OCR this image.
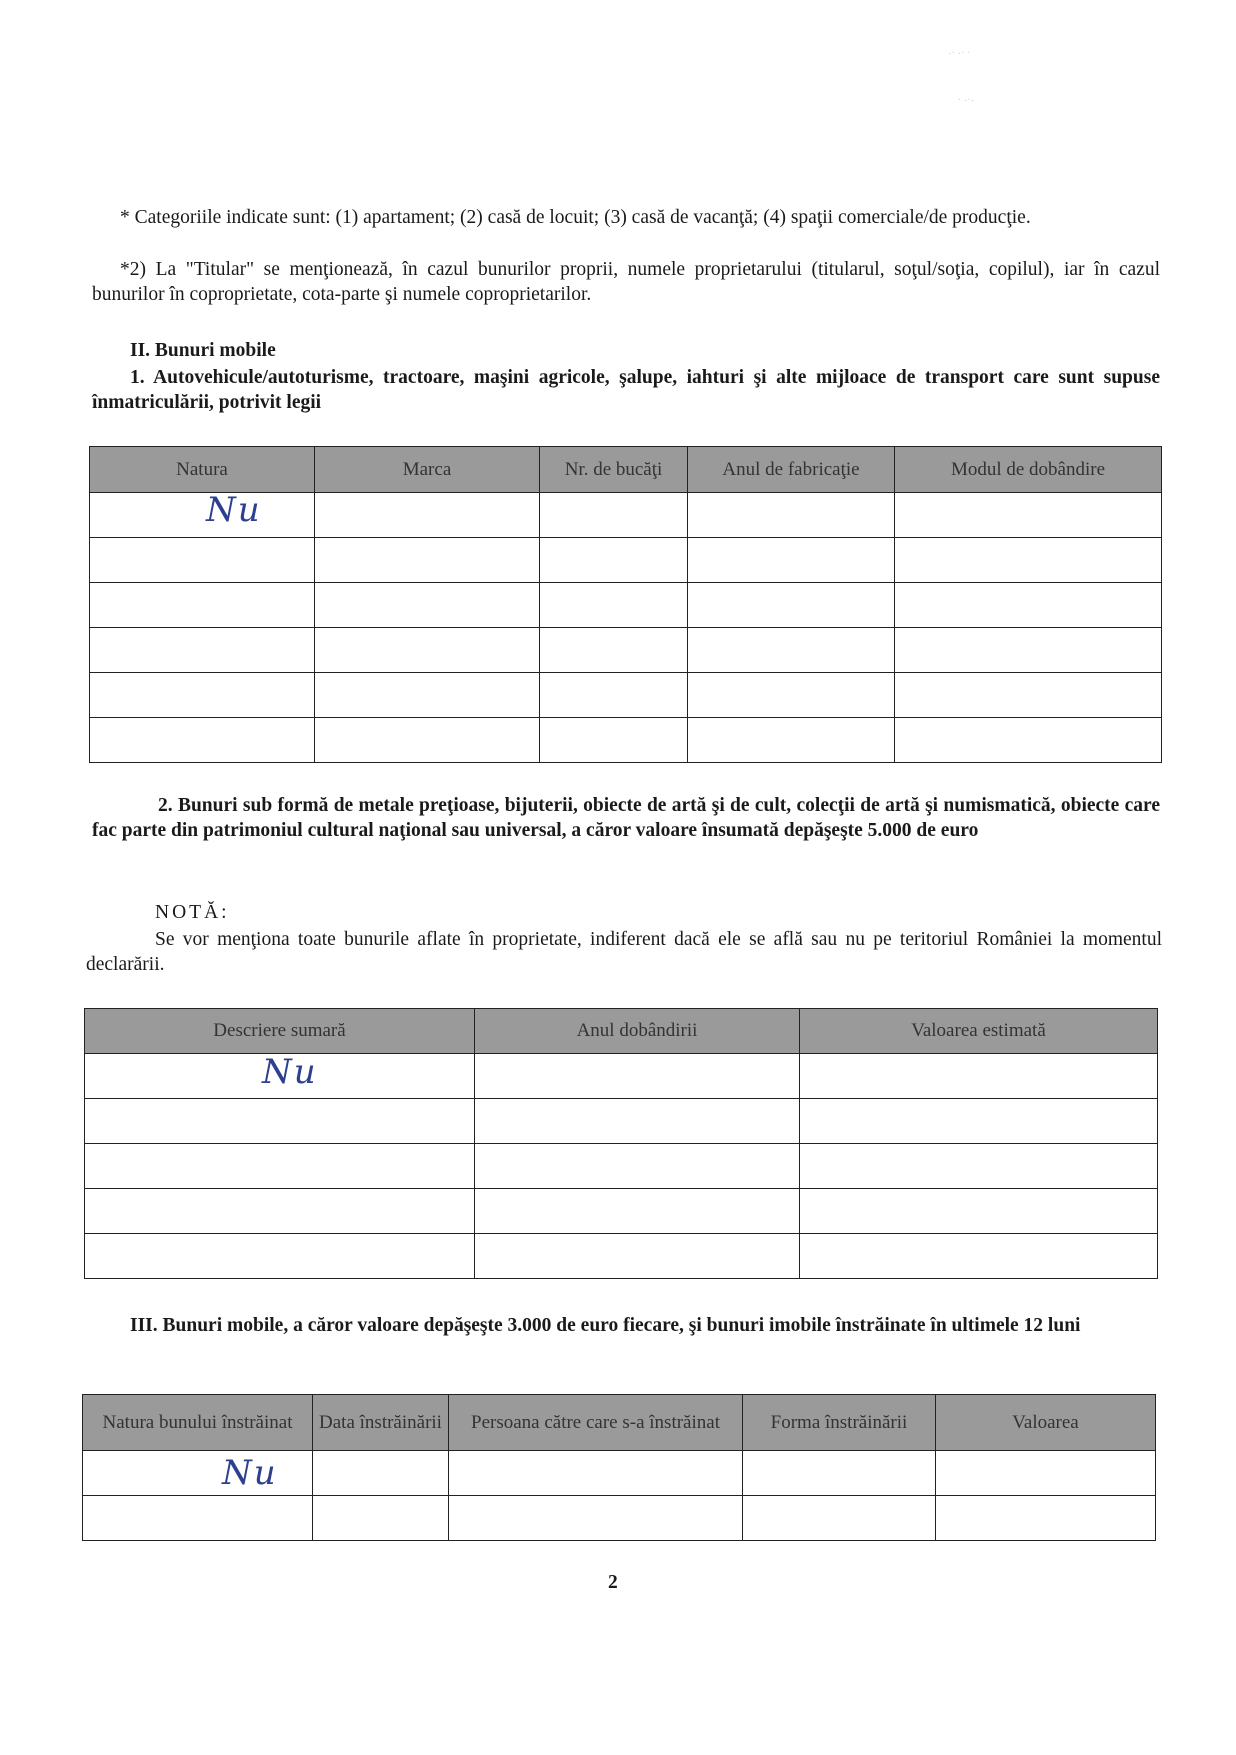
·ˑ ·ˑ ˑ
ˑ ·ˑ·
* Categoriile indicate sunt: (1) apartament; (2) casă de locuit; (3) casă de vacanţă; (4) spaţii comerciale/de producţie.
*2) La "Titular" se menţionează, în cazul bunurilor proprii, numele proprietarului (titularul, soţul/soţia, copilul), iar în cazul bunurilor în coproprietate, cota-parte şi numele coproprietarilor.
II. Bunuri mobile
1. Autovehicule/autoturisme, tractoare, maşini agricole, şalupe, iahturi şi alte mijloace de transport care sunt supuse înmatriculării, potrivit legii
Natura	Marca	Nr. de bucăţi	Anul de fabricaţie	Modul de dobândire

Nu
2. Bunuri sub formă de metale preţioase, bijuterii, obiecte de artă şi de cult, colecţii de artă şi numismatică, obiecte care fac parte din patrimoniul cultural naţional sau universal, a căror valoare însumată depăşeşte 5.000 de euro
NOTĂ:
Se vor menţiona toate bunurile aflate în proprietate, indiferent dacă ele se află sau nu pe teritoriul României la momentul declarării.
Descriere sumară	Anul dobândirii	Valoarea estimată

Nu
III. Bunuri mobile, a căror valoare depăşeşte 3.000 de euro fiecare, şi bunuri imobile înstrăinate în ultimele 12 luni
Natura bunului înstrăinat	Data înstrăinării	Persoana către care s-a înstrăinat	Forma înstrăinării	Valoarea

Nu
2
